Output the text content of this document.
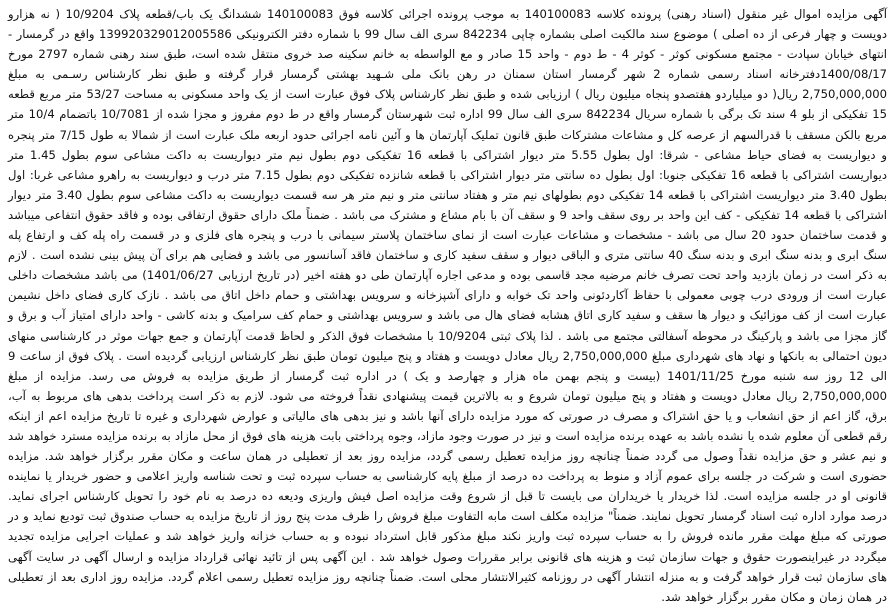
آگهی مزایده اموال غیر منقول (اسناد رهنی) پرونده کلاسه 140100083 به موجب پرونده اجرائی کلاسه فوق 140100083 ششدانگ یک باب/قطعه پلاک 10/9204 ( نه هزارو دویست و چهار فرعی از ده اصلی ) موضوع سند مالکیت اصلی بشماره چاپی 842234 سری الف سال 99 با شماره دفتر الکترونیکی 139920329012005586 واقع در گرمسار - انتهای خیابان سپادت - مجتمع مسکونی کوثر - کوثر 4 - ط دوم - واحد 15 صادر و مع الواسطه به خانم سکینه صد خروی منتقل شده است، طبق سند رهنی شماره 2797 مورخ 1400/08/17دفترخانه اسناد رسمی شماره 2 شهر گرمسار استان سمنان در رهن بانک ملی شـهید بهشتی گرمسار قرار گرفته و طبق نظر کارشناس رسـمی به مبلغ 2,750,000,000 ریال( دو میلیاردو هفتصدو پنجاه میلیون ریال ) ارزیابی شده و طبق نظر کارشناس پلاک فوق عبارت است از یک واحد مسکونی به مساحت 53/27 متر مربع قطعه 15 تفکیکی از بلو 4 سند تک برگی با شماره سریال 842234 سری الف سال 99 اداره ثبت شهرستان گرمسار واقع در ط دوم مفروز و مجزا شده از 10/7081 باتضمام 10/4 متر مربع بالکن مسقف با قدرالسهم از عرصه کل و مشاعات مشترکات طبق قانون تملیک آپارتمان ها و آئین نامه اجرائی حدود اربعه ملک عبارت است از شمالا به طول 7/15 متر پنجره و دیواریست به فضای حیاط مشاعی - شرقا: اول بطول 5.55 متر دیوار اشتراکی با قطعه 16 تفکیکی دوم بطول نیم متر دیواریست به داکت مشاعی سوم بطول 1.45 متر دیواریست اشتراکی با قطعه 16 تفکیکی جنوبا: اول بطول ده سانتی متر دیوار اشتراکی با قطعه شانزده تفکیکی دوم بطول 7.15 متر درب و دیواریست به راهرو مشاعی غربا: اول بطول 3.40 متر دیواریست اشتراکی با قطعه 14 تفکیکی دوم بطولهای نیم متر و هفتاد سانتی متر و نیم متر هر سه قسمت دیواریست به داکت مشاعی سوم بطول 3.40 متر دیوار اشتراکی با قطعه 14 تفکیکی - کف این واحد بر روی سقف واحد 9 و سقف آن با بام مشاع و مشترک می باشد . ضمناً ملک دارای حقوق ارتفاقی بوده و فاقد حقوق انتفاعی میباشد و قدمت ساختمان حدود 20 سال می باشد - مشخصات و مشاعات عبارت است از نمای ساختمان پلاستر سیمانی با درب و پنجره های فلزی و در قسمت راه پله کف و ارتفاع پله سنگ ابری و بدنه سنگ ابری و بدنه سنگ 40 سانتی متری و الباقی دیوار و سقف سفید کاری و ساختمان فاقد آسانسور می باشد و فضایی هم برای آن پیش بینی نشده است . لازم به ذکر است در زمان بازدید واحد تحت تصرف خانم مرضیه مجد قاسمی بوده و مدعی اجاره آپارتمان طی دو هفته اخیر (در تاریخ ارزیابی 1401/06/27) می باشد مشخصات داخلی عبارت است از ورودی درب چوبی معمولی با حفاظ آکاردئونی واحد تک خوابه و دارای آشپزخانه و سرویس بهداشتی و حمام داخل اتاق می باشد . نازک کاری فضای داخل نشیمن عبارت است از کف موزائیک و دیوار ها سقف و سفید کاری اتاق هشابه فضای هال می باشد و سرویس بهداشتی و حمام کف سرامیک و بدنه کاشی - واحد دارای امتیاز آب و برق و گاز مجزا می باشد و پارکینگ در محوطه آسفالتی مجتمع می باشد . لذا پلاک ثبتی 10/9204 با مشخصات فوق الذکر و لحاظ قدمت آپارتمان و جمع جهات موثر در کارشناسی منهای دیون احتمالی به بانکها و نهاد های شهرداری مبلغ 2,750,000,000 ریال معادل دویست و هفتاد و پنج میلیون تومان طبق نظر کارشناس ارزیابی گردیده است . پلاک فوق از ساعت 9 الی 12 روز سه شنبه مورخ 1401/11/25 (بیست و پنجم بهمن ماه هزار و چهارصد و یک ) در اداره ثبت گرمسار از طریق مزایده به فروش می رسد. مزایده از مبلغ 2,750,000,000 ریال معادل دویست و هفتاد و پنج میلیون تومان شروع و به بالاترین قیمت پیشنهادی نقداً فروخته می شود. لازم به ذکر است پرداخت بدهی های مربوط به آب، برق، گاز اعم از حق انشعاب و یا حق اشتراک و مصرف در صورتی که مورد مزایده دارای آنها باشد و نیز بدهی های مالیاتی و عوارض شهرداری و غیره تا تاریخ مزایده اعم از اینکه رقم قطعی آن معلوم شده یا نشده باشد به عهده برنده مزایده است و نیز در صورت وجود مازاد، وجوه پرداختی بابت هزینه های فوق از محل مازاد به برنده مزایده مسترد خواهد شد و نیم عشر و حق مزایده نقداً وصول می گردد ضمناً چنانچه روز مزایده تعطیل رسمی گردد، مزایده روز بعد از تعطیلی در همان ساعت و مکان مقرر برگزار خواهد شد. مزایده حضوری است و شرکت در جلسه برای عموم آزاد و منوط به پرداخت ده درصد از مبلغ پایه کارشناسی به حساب سپرده ثبت و تحت شناسه واریز اعلامی و حضور خریدار یا نماینده قانونی او در جلسه مزایده است. لذا خریدار یا خریداران می بایست تا قبل از شروع وقت مزایده اصل فیش واریزی ودیعه ده درصد به نام خود را تحویل کارشناس اجرای نماید. درصد موارد اداره ثبت اسناد گرمسار تحویل نمایند. ضمناً" مزایده مکلف است مابه التفاوت مبلغ فروش را ظرف مدت پنج روز از تاریخ مزایده به حساب صندوق ثبت تودیع نماید و در صورتی که مبلغ مهلت مقرر مانده فروش را به حساب سپرده ثبت واریز نکند مبلغ مذکور قابل استرداد نبوده و به حساب خزانه واریز خواهد شد و عملیات اجرایی مزایده تجدید میگردد در غیراینصورت حقوق و جهات سازمان ثبت و هزینه های قانونی برابر مقررات وصول خواهد شد . این آگهی پس از تائید نهائی قرارداد مزایده و ارسال آگهی در سایت آگهی های سازمان ثبت قرار خواهد گرفت و به منزله انتشار آگهی در روزنامه کثیرالانتشار محلی است. ضمناً چنانچه روز مزایده تعطیل رسمی اعلام گردد. مزایده روز اداری بعد از تعطیلی در همان زمان و مکان مقرر برگزار خواهد شد.
